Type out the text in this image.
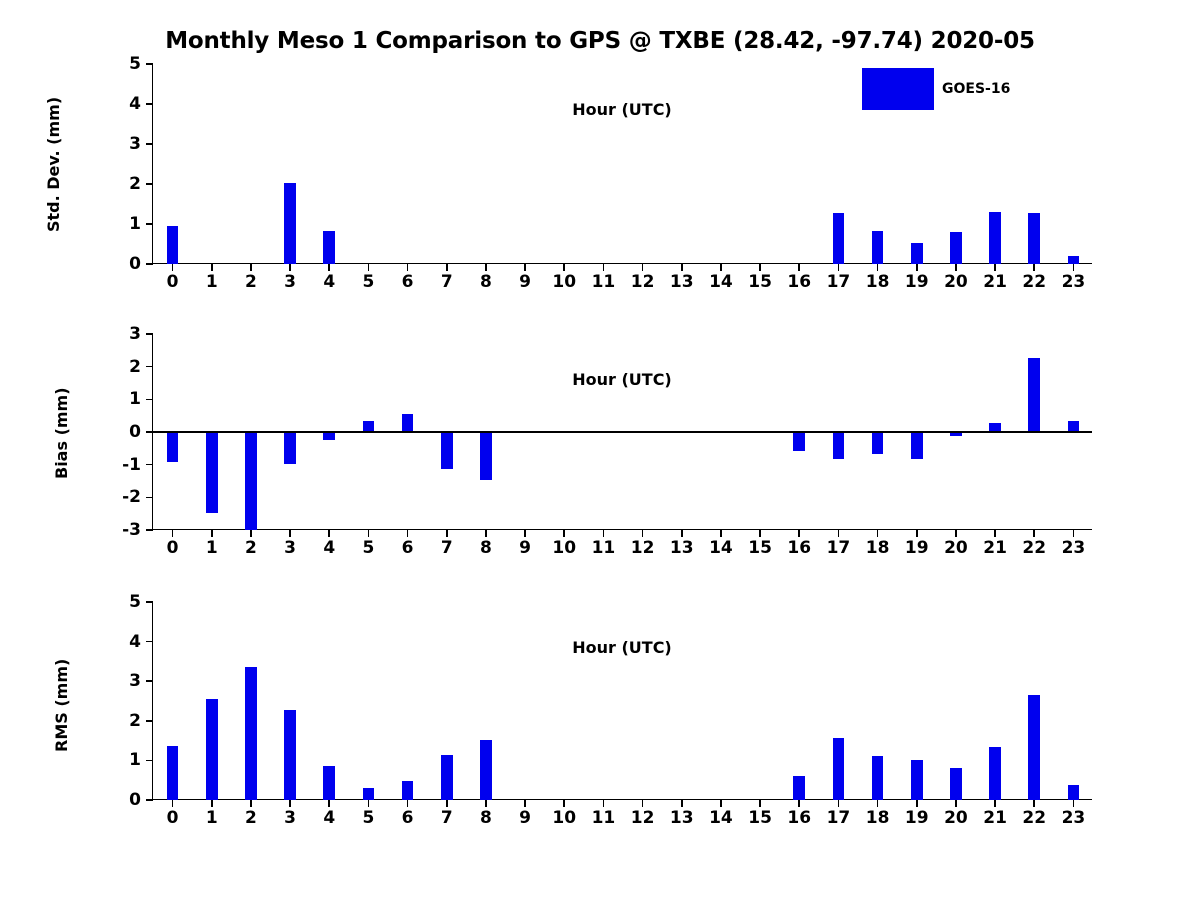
Monthly Meso 1 Comparison to GPS @ TXBE (28.42, -97.74) 2020-05
0
1
2
3
4
5
0 1 2 3 4 5 6 7 8 9 10 11 12 13 14 15 16 17 18 19 20 21 22 23
Std. Dev. (mm)	Hour (UTC)
GOES-16
-3
-2
-1
0
1
2
3
0 1 2 3 4 5 6 7 8 9 10 11 12 13 14 15 16 17 18 19 20 21 22 23
Bias (mm)
Hour (UTC)
0
1
2
3
4
5
0 1 2 3 4 5 6 7 8 9 10 11 12 13 14 15 16 17 18 19 20 21 22 23
RMS (mm)
Hour (UTC)
